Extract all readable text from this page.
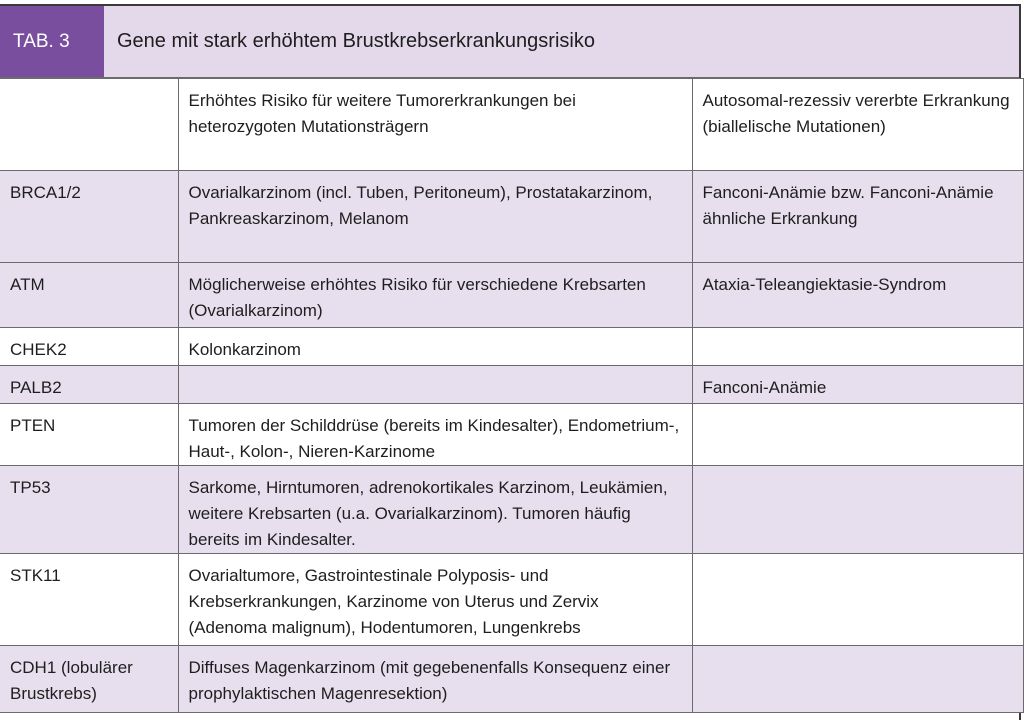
TAB. 3	Gene mit stark erhöhtem Brustkrebserkrankungsrisiko
	Erhöhtes Risiko für weitere Tumorerkrankungen bei heterozygoten Mutationsträgern	Autosomal-rezessiv vererbte Erkrankung (biallelische Mutationen)
BRCA1/2	Ovarialkarzinom (incl. Tuben, Peritoneum), Prostatakarzinom, Pankreaskarzinom, Melanom	Fanconi-Anämie bzw. Fanconi-Anämie ähnliche Erkrankung
ATM	Möglicherweise erhöhtes Risiko für verschiedene Krebsarten (Ovarialkarzinom)	Ataxia-Teleangiektasie-Syndrom
CHEK2	Kolonkarzinom	
PALB2		Fanconi-Anämie
PTEN	Tumoren der Schilddrüse (bereits im Kindesalter), Endometrium-, Haut-, Kolon-, Nieren-Karzinome	
TP53	Sarkome, Hirntumoren, adrenokortikales Karzinom, Leukämien, weitere Krebsarten (u.a. Ovarialkarzinom). Tumoren häufig bereits im Kindesalter.	
STK11	Ovarialtumore, Gastrointestinale Polyposis- und Krebserkrankungen, Karzinome von Uterus und Zervix (Adenoma malignum), Hodentumoren, Lungenkrebs	
CDH1 (lobulärer Brustkrebs)	Diffuses Magenkarzinom (mit gegebenenfalls Konsequenz einer prophylaktischen Magenresektion)	
